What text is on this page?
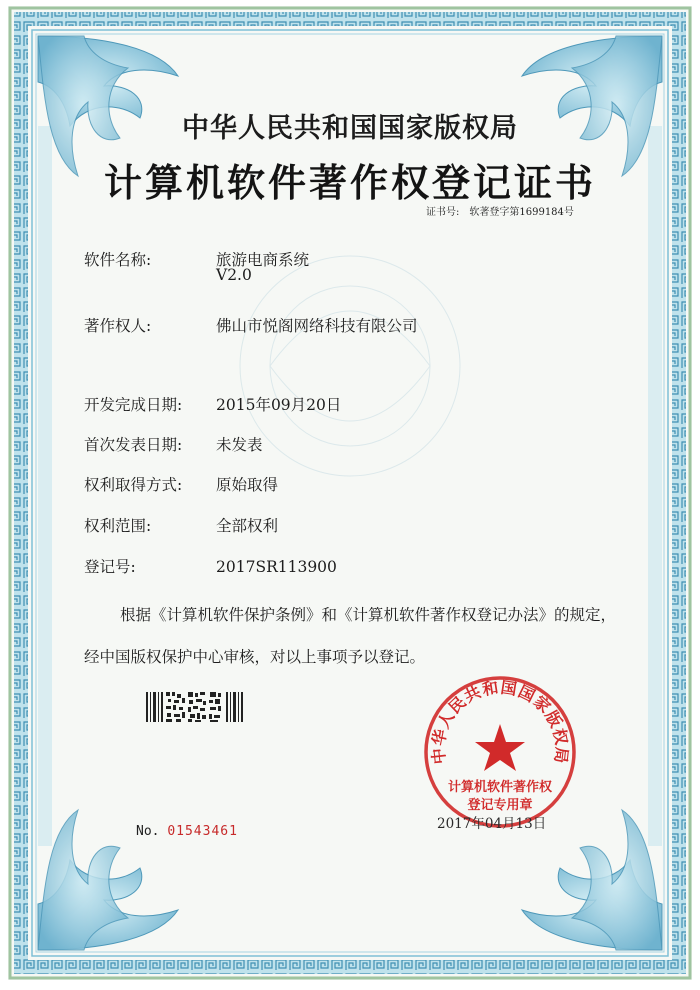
中华人民共和国国家版权局
计算机软件著作权登记证书
证书号: 软著登字第1699184号
软件名称:	旅游电商系统
V2.0
著作权人:	佛山市悦阁网络科技有限公司
开发完成日期: 2015年09月20日
首次发表日期: 未发表
权利取得方式: 原始取得
权利范围:	全部权利
登记号:	2017SR113900
根据《计算机软件保护条例》和《计算机软件著作权登记办法》的规定，经中国版权保护中心审核，对以上事项予以登记。
No. 01543461
中华人民共和国国家版权局
计算机软件著作权
登记专用章
2017年04月13日
